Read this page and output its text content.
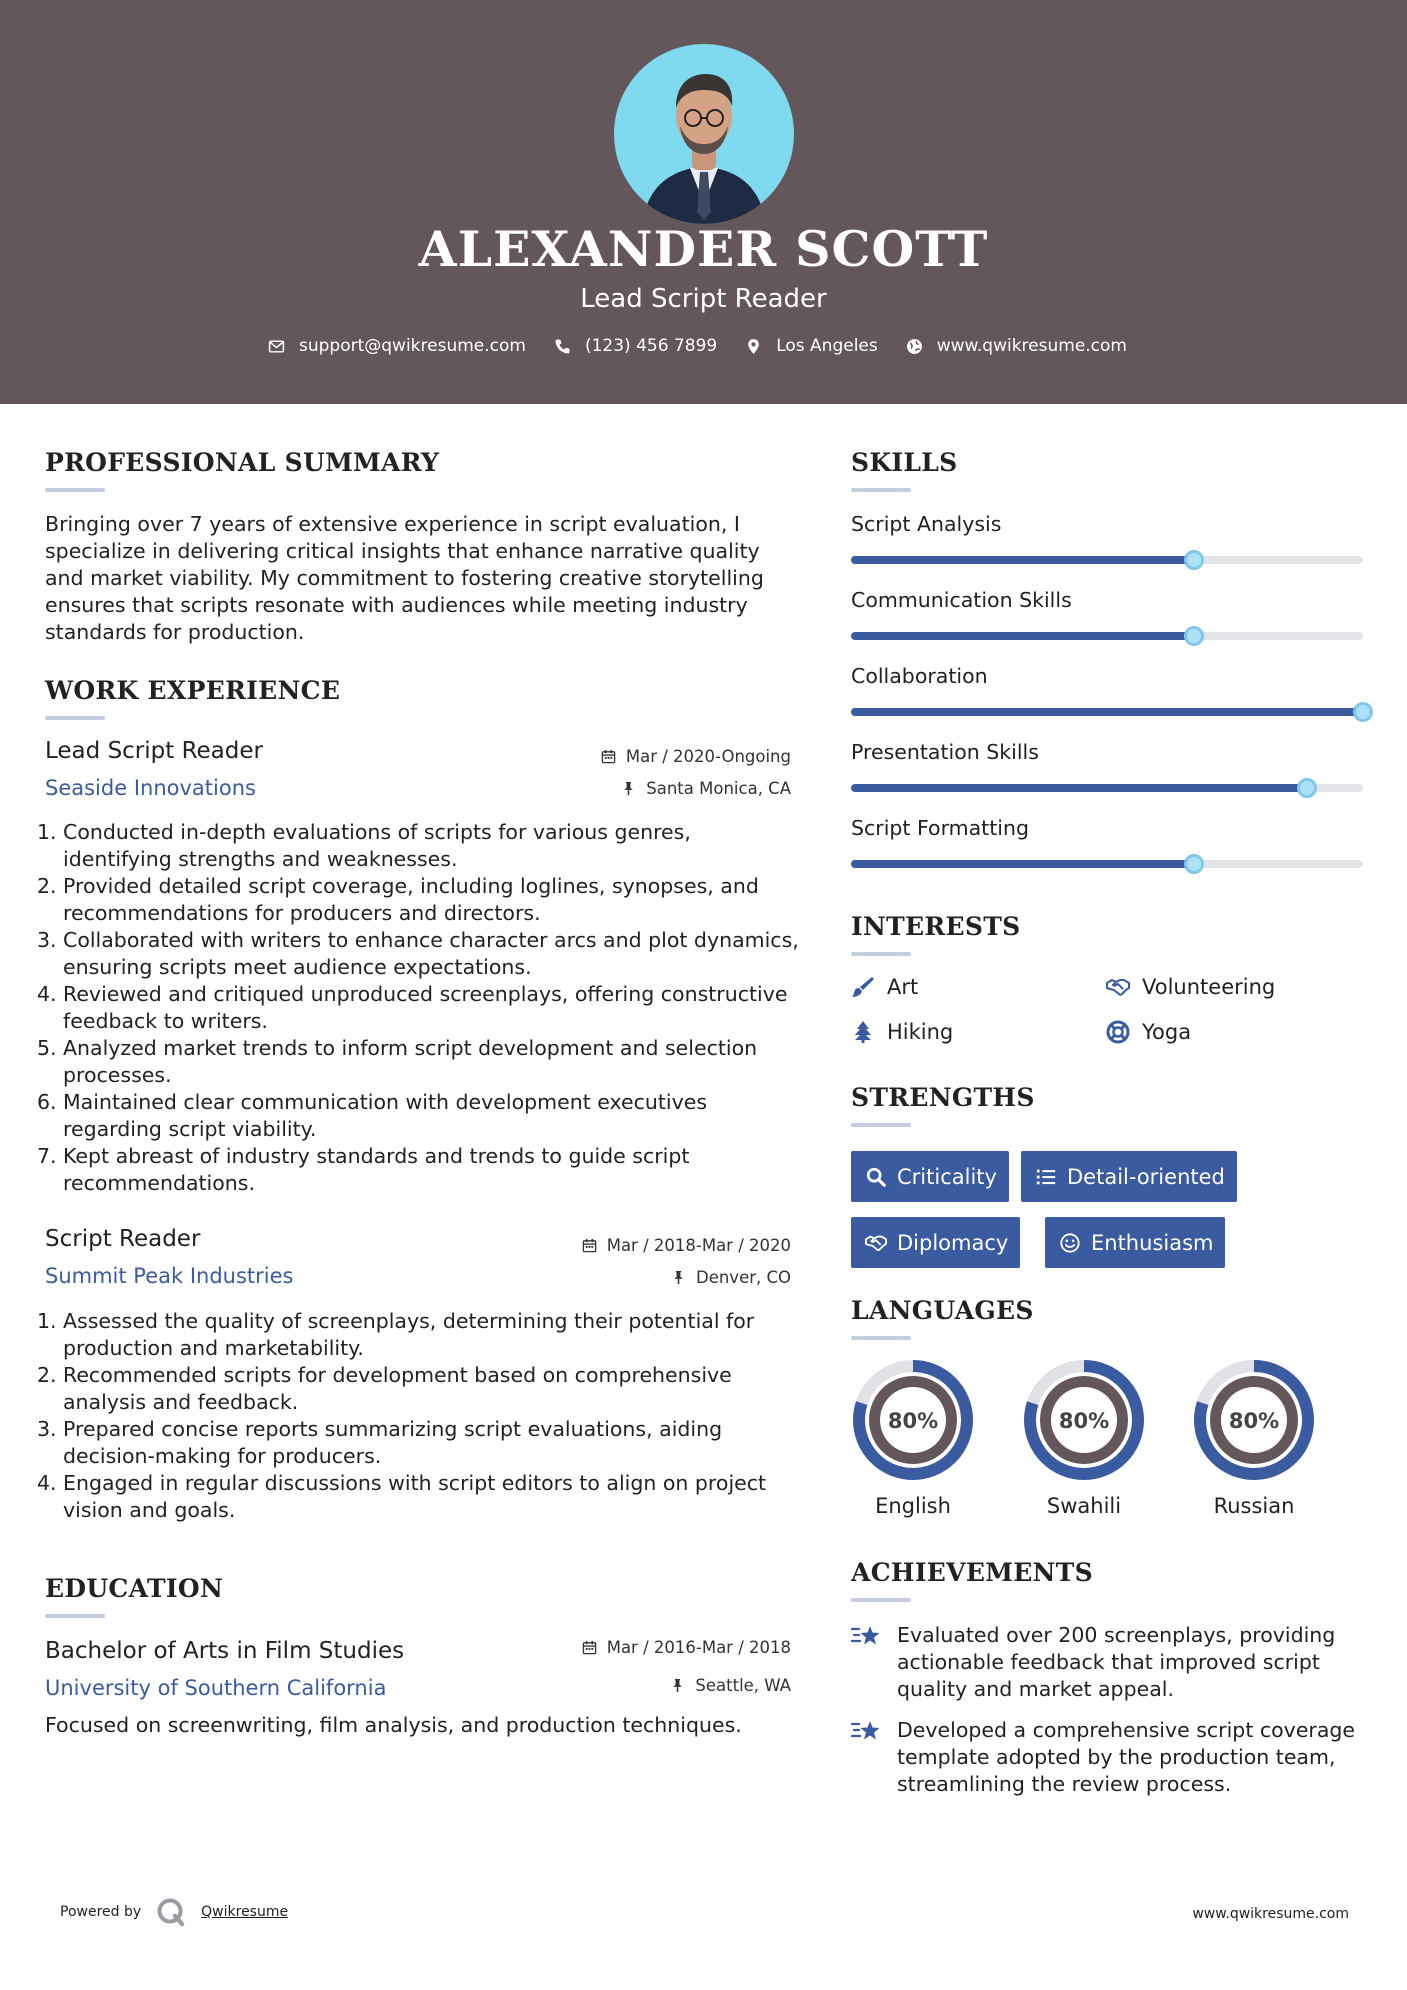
ALEXANDER SCOTT
Lead Script Reader
support@qwikresume.com	(123) 456 7899	Los Angeles	www.qwikresume.com
PROFESSIONAL SUMMARY
Bringing over 7 years of extensive experience in script evaluation, I specialize in delivering critical insights that enhance narrative quality and market viability. My commitment to fostering creative storytelling ensures that scripts resonate with audiences while meeting industry standards for production.
WORK EXPERIENCE
Lead Script Reader
Seaside Innovations
Mar / 2020-Ongoing
Santa Monica, CA
1. Conducted in-depth evaluations of scripts for various genres, identifying strengths and weaknesses.
2. Provided detailed script coverage, including loglines, synopses, and recommendations for producers and directors.
3. Collaborated with writers to enhance character arcs and plot dynamics, ensuring scripts meet audience expectations.
4. Reviewed and critiqued unproduced screenplays, offering constructive feedback to writers.
5. Analyzed market trends to inform script development and selection processes.
6. Maintained clear communication with development executives regarding script viability.
7. Kept abreast of industry standards and trends to guide script recommendations.
Script Reader
Summit Peak Industries
Mar / 2018-Mar / 2020
Denver, CO
1. Assessed the quality of screenplays, determining their potential for production and marketability.
2. Recommended scripts for development based on comprehensive analysis and feedback.
3. Prepared concise reports summarizing script evaluations, aiding decision-making for producers.
4. Engaged in regular discussions with script editors to align on project vision and goals.
EDUCATION
Bachelor of Arts in Film Studies
University of Southern California
Mar / 2016-Mar / 2018
Seattle, WA
Focused on screenwriting, film analysis, and production techniques.
SKILLS
Script Analysis
Communication Skills
Collaboration
Presentation Skills
Script Formatting
INTERESTS
Art	Volunteering
Hiking	Yoga
STRENGTHS
Criticality	Detail-oriented
Diplomacy	Enthusiasm
LANGUAGES
80%
English
80%
Swahili
80%
Russian
ACHIEVEMENTS
Evaluated over 200 screenplays, providing actionable feedback that improved script quality and market appeal.
Developed a comprehensive script coverage template adopted by the production team, streamlining the review process.
Powered by	Qwikresume	www.qwikresume.com
